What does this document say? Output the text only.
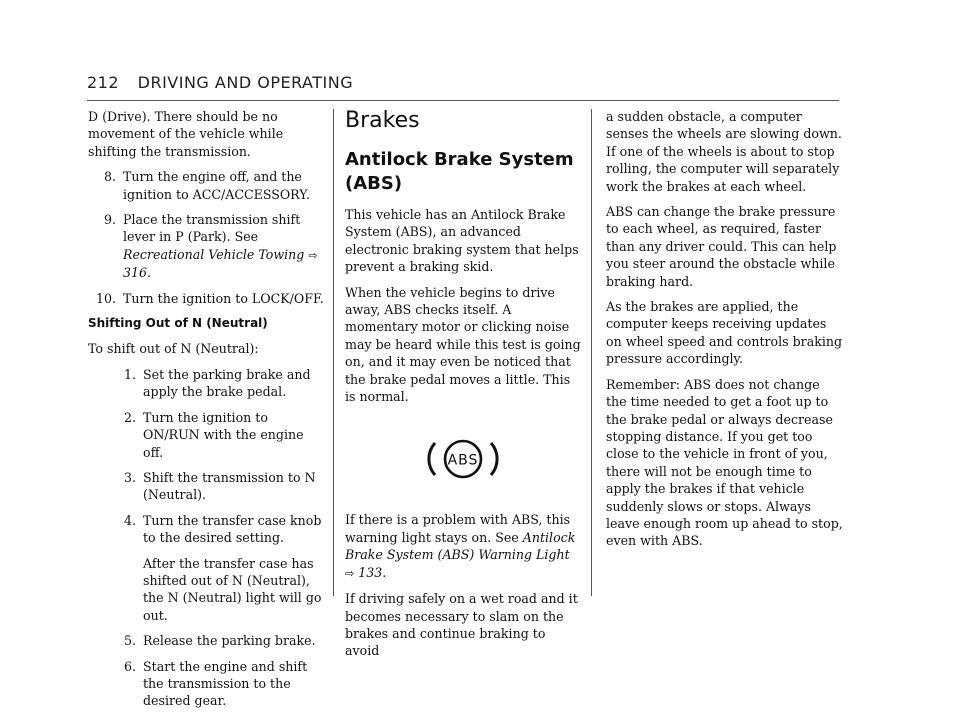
212 DRIVING AND OPERATING

D (Drive). There should be no movement of the vehicle while shifting the transmission.

8. Turn the engine off, and the ignition to ACC/ACCESSORY.
9. Place the transmission shift lever in P (Park). See Recreational Vehicle Towing ⇨ 316.
10. Turn the ignition to LOCK/OFF.
Shifting Out of N (Neutral)

To shift out of N (Neutral):

1. Set the parking brake and apply the brake pedal.
2. Turn the ignition to ON/RUN with the engine off.
3. Shift the transmission to N (Neutral).
4. Turn the transfer case knob to the desired setting.

After the transfer case has shifted out of N (Neutral), the N (Neutral) light will go out.

5. Release the parking brake.
6. Start the engine and shift the transmission to the desired gear.
Brakes
Antilock Brake System (ABS)

This vehicle has an Antilock Brake System (ABS), an advanced electronic braking system that helps prevent a braking skid.

When the vehicle begins to drive away, ABS checks itself. A momentary motor or clicking noise may be heard while this test is going on, and it may even be noticed that the brake pedal moves a little. This is normal.

ABS

If there is a problem with ABS, this warning light stays on. See Antilock Brake System (ABS) Warning Light ⇨ 133.

If driving safely on a wet road and it becomes necessary to slam on the brakes and continue braking to avoid

a sudden obstacle, a computer senses the wheels are slowing down. If one of the wheels is about to stop rolling, the computer will separately work the brakes at each wheel.

ABS can change the brake pressure to each wheel, as required, faster than any driver could. This can help you steer around the obstacle while braking hard.

As the brakes are applied, the computer keeps receiving updates on wheel speed and controls braking pressure accordingly.

Remember: ABS does not change the time needed to get a foot up to the brake pedal or always decrease stopping distance. If you get too close to the vehicle in front of you, there will not be enough time to apply the brakes if that vehicle suddenly slows or stops. Always leave enough room up ahead to stop, even with ABS.
